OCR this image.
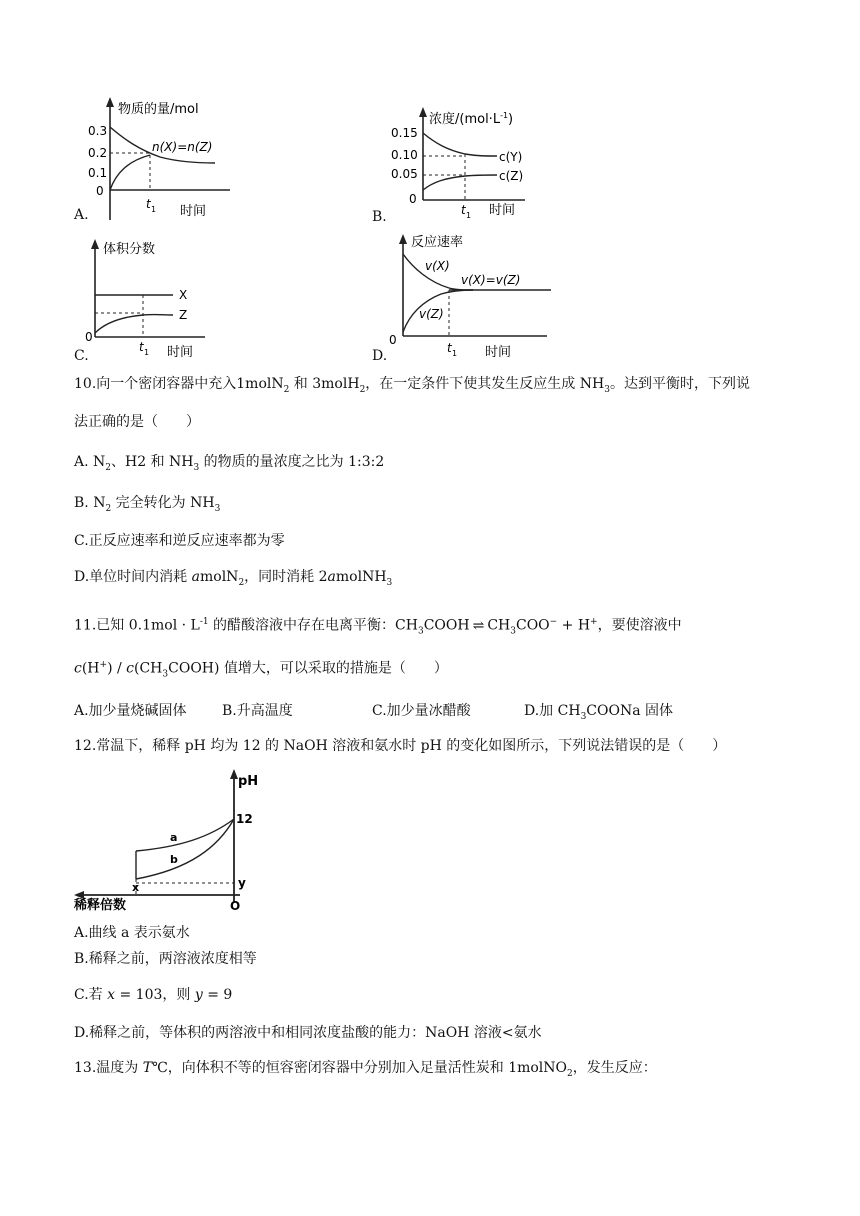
物质的量/mol
0.3
0.2
0.1
0
n(X)=n(Z)
t 1 时间
A.
浓度$/(mol\cdot L^{-1})$
0.15
0.10
0.05
0
c(Y)
c(Z)
t 1 时间
B.
体积分数
X
Z
0
t 1 时间
C.
反应速率
v(X)
v(Z)
v(X)=v(Z)
0
t 1 时间
D.
10.向一个密闭容器中充入1molN$_2$ 和 3molH$_2$，在一定条件下使其发生反应生成 $NH_3$。达到平衡时，下列说
法正确的是（　　）
A. $N_2$、H2 和 $NH_3$ 的物质的量浓度之比为 1:3:2
B. $N_2$ 完全转化为 $NH_3$
C.正反应速率和逆反应速率都为零
D.单位时间内消耗 amolN$_2$，同时消耗 2amolNH$_3$
11.已知 $0.1mol \cdot L^{-1}$ 的醋酸溶液中存在电离平衡：$CH_3COOH$ ⇌ $CH_3COO^- + H^+$，要使溶液中
$c(H^+) / c(CH_3COOH)$ 值增大，可以采取的措施是（　　）
A.加少量烧碱固体	B.升高温度	C.加少量冰醋酸	D.加 $CH_3COONa$ 固体
12.常温下，稀释 pH 均为 12 的 NaOH 溶液和氨水时 pH 的变化如图所示，下列说法错误的是（　　）
pH
12
a
b
y
x
O
稀释倍数
A.曲线 a 表示氨水
B.稀释之前，两溶液浓度相等
C.若 x = 103，则 y = 9
D.稀释之前，等体积的两溶液中和相同浓度盐酸的能力：NaOH 溶液<氨水
13.温度为 T℃，向体积不等的恒容密闭容器中分别加入足量活性炭和 1molNO$_2$，发生反应：
